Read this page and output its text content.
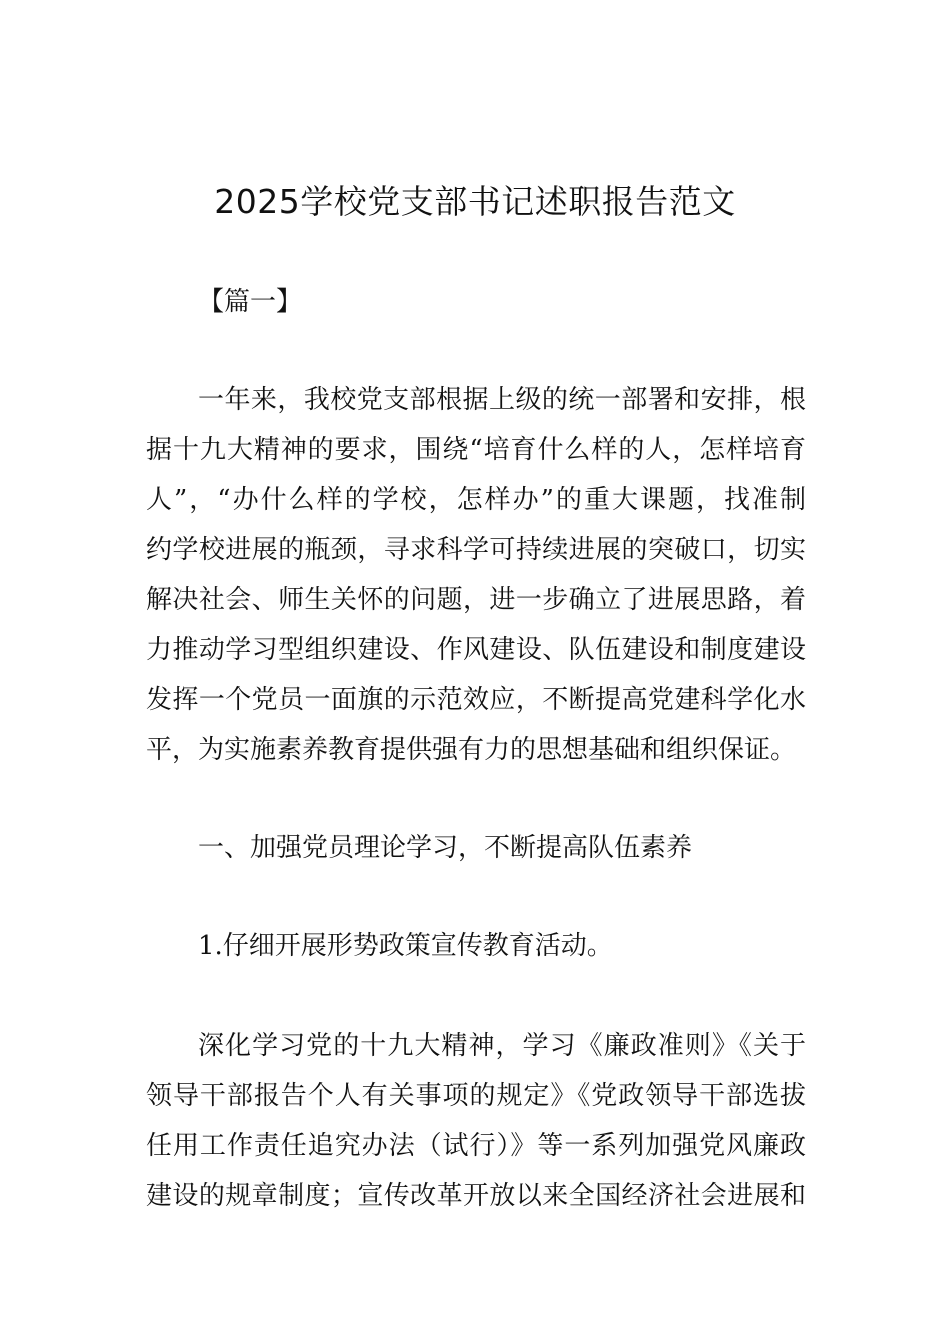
2025学校党支部书记述职报告范文
【篇一】
一年来，我校党支部根据上级的统一部署和安排，根
据十九大精神的要求，围绕“培育什么样的人，怎样培育
人”，“办什么样的学校，怎样办”的重大课题，找准制
约学校进展的瓶颈，寻求科学可持续进展的突破口，切实
解决社会、师生关怀的问题，进一步确立了进展思路，着
力推动学习型组织建设、作风建设、队伍建设和制度建设
发挥一个党员一面旗的示范效应，不断提高党建科学化水
平，为实施素养教育提供强有力的思想基础和组织保证。
一、加强党员理论学习，不断提高队伍素养
1.仔细开展形势政策宣传教育活动。
深化学习党的十九大精神，学习《廉政准则》《关于
领导干部报告个人有关事项的规定》《党政领导干部选拔
任用工作责任追究办法（试行）》等一系列加强党风廉政
建设的规章制度；宣传改革开放以来全国经济社会进展和
